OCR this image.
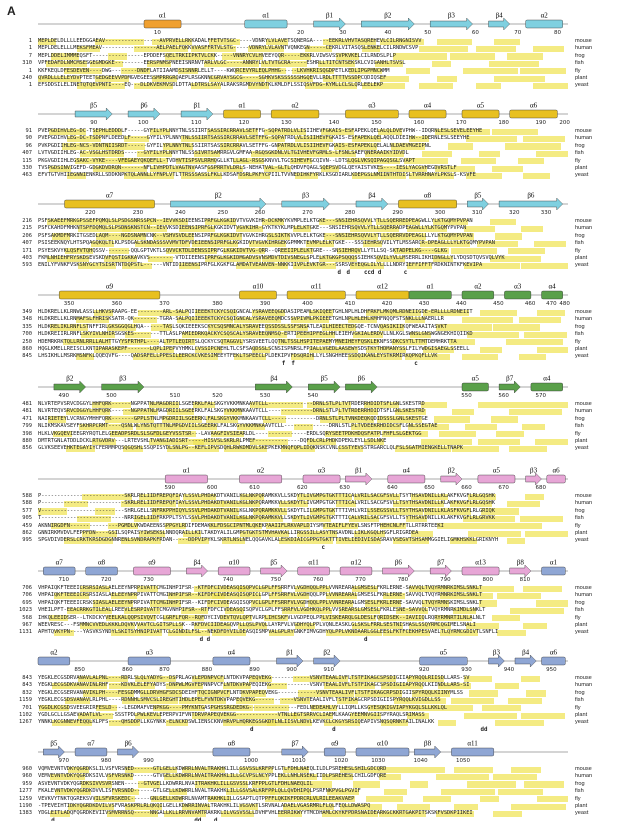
A	α1	α1	β1	β2	β3	β4	α2
10	20	30	40	50	60	70	80
1 MEPLDELDLLLLEEDGGAEAV-----------------AVPRVELLRKKADALFFETVTSGC-----VDNRYLVLAVETSQNERGA-----EEKRLVHVTASQREHEVLCILRNGNISVV	mouse
1 MEPLDELELLLMEKSFMEAV-----------------AELPAELFQKKVVASFFRTVLSTG-----VDNRYLVLAVNTVQNKEGN-----CEKRLVITASQSLENKELCILRNDWCSVP	human
7 MEPLDDELIMMMEQSFT----------------EPDDEFSQELTRKIIPKTVLCKK-----VNNRYCVLHVEEYQQR-----EKKRLVIWSVSSVPKVKELCILRNDSLPLP	frog
310 VPFEDAFDLNMCMSESGEGMDGKE---------EERSPNMSPNEEISNRNVTARLVLGC-----ANNRYLVLTVTGCRA-----ESHRLLTITCNTSEKSKLCVIGANHLTSVSL	fish
1 KKFKEQLDFESDEVEN----DWG--------DNDFLATIIAAMDSISNNRLELLT----KWQRCEVYRLEQLPHHG-----LKVHKRISQGDPETLKEDLIPGPMNCWMM	fly
240 QVRDLLLELEYDVPTEETGEDGEEVVPDMGVEGEESSMPRRGRQAEPLRSGKNNCGRVAYSGCG-----SGHKVSKSSSSSSHGQEVLLRDLTTTTVSSDPCQDIQSEF	plant
1 EFSDDSILELINETQTQEVPNTI----EQ---DLDKVEKMVSDLDTTALDTRSLSAYALRAKSRGMDVYNDTKLKMLDFLSSIQSVFDG-KYMLLCLSLQRLEELEKP	yeast
β5	β6	β1	α1	α2	α3	α4	α5	α6
90	100	110	120	130	140	150	160	170	180	190 200
91 PVEPGDIHVLEG-DC-TSEPHLEDDDLF-----GYFILYPLNNYTNLSSIIRTSASSIRCRRAVLSETFFG-SQPATRDLVLISIIHEVFGKAIS-ESFAPEKLQELALQLDVEVPHW--IDQRNLESLSEVELEEYHE	mouse
90 PVEPGDIHVLEG-DC-TSDPNFLDEEDLF-----GYFILYPLNNYTNLSSIIRTSASSIRCRRAVLSETFFG-SQPATRDLVLISIIHEVFGKAIS-ESFAPEKLQELAQQLDIEIHW--IDERNLESLSEEYHE	human
96 PVKPGDIIHLEG-NCS-VDNTNIISRDT------GYFILYPLNNYTNLSSIIRTSASSIRCRRAVLSETFFG-GNPATRDLVLISIIHEVFGKAIS-ESFAPEKLQELALNLDAEVMGEIPNL	frog
407 LVTVGDIIHLEG-AC-VSGLHSTDRDS------GYFILYPLNNYTNLSSSIVRTSAMRRGVLGMFAA-RGQSGKDNLVLTGIVHEVFGRMLS-LFSNLSAEFQNERAAIKYIDVDL	fish
115 PKGVGDIIHLEGSAKC-VYKE----VFEGAEYQKQEFLL-TVDHVTISPSVLRRHQGLLKTLLAGL-RSGSKNVVLTGCSIHEVFGCQIVN--LDTSLQGLVKSQIPAGQSGLSVAPT	fly
330 TVSPGDSINVIGEFD-GDGKDVDRQN-------NFLIVHPDTLVAGTNVAASFGSPRRTVLDRLS-NEHATVAL-GLTLQHDVFQAGLSQEPSVDGLQEYAISTVKES----IESLYACGVHEGDVRSTLF	plant
463 EFVTGTVHIIEGNNIENKRLLSDDKNPKTQLANNLLYFNPLVTLTTRSSSASSLFKLLKDSAFDSRLPKFYCPIILTVVNEDIHKFYRKLKSGDIARLKDEPGSLNMIINTHTDISLTVRRHNAYLPKSLS-KSVFE	yeast
α7	β2	β3	β4	α8	β5	β6
220	230	240	250	260	270	280	290	300	310	320	330
216 PSFSKAEEFMRKGPSSEFPQMQLSLPSDGSNRSSPCN--IEVVKSDIEENSIPRFGLKGKIDVTVGVKIHR-DCKMKYKVMPLELKTGKE---SNSIEHRSQVVLYTLLSQERREDPEAGWLLYLKTGQMYPVPAN	mouse
215 PSFCKAHDFMHKNTSPFDQMQLSLPSDNSKNSTCN--IEVVKSDIEENSIPRFGLKGKIDVTVGVKIHR-GYKTKYKLMPLELKTGKE---SNSIEHRSQVVLYTLLSQERRADPEAGWLLYLKTGQMYPVPAN	human
206 PSFSAKMDFMRKITGSEDLAQM----NGDSNAMNCNK--VSHVSVDLEENSIPRFGLKGKIDVTVGVKIHRGSLSIKTKVVPLELKTGKE---SNSIEHRSQVVLYTLLSQERRVDPEAGLLLYLKTGQMYPVPAN	frog
407 PSISEEKNQYLHTSPQAGQKQLTLKLPSDGALSKNDASSSVVMVTDFVDEIEENSIPRFGLKGKIDVTVGVKIHRGEKGPMMKTEVMPLELKTGKE---SSSIEHRSQVILYTLMSSARCR-DPEAGLLLYLKTGQMYPVPAN	fish
171 PSYESKVYKLQSFVTQHQSSV--------QQLGPTVKTLSQVVCKTDLDENSSIPRFGLKGKIDVTVG-QRR--QREEIIPLELKTGRE---SNSIEHRQVLLYTLLSQ-SKTADPELKG----GLKG	fly
403 FKMLNHIEHFRYSKDSEVSKDVFQSTIGKKAVKVS--------VTDIIEENSIPRFGLKGKIDMGADVSVNSMDVTDIVSNEGLSPLELKTGKGPSQQQSSIEHKSQVILYVLLMSERRLIKHIDNGLLYLYDQSDTQVSVQLVYK	plant
593 ENILYFVNKFVSKSNYGCYTSISRTNTDQPSTL------VNTIDIIEENSIPRFGLKGKFGLAMDATVEANVEN-NNKKIIVPLEVKTGR---SSRSVEYEQGLILYLLLLNDRYIEFFIFFTFRDKNINTKFKEVIPA	yeast
d d ccd d	c
α9	α10	α11	α12	α1	α2	α3	α4
350	360	370	380	390	400	410	420	430	440	450	460 470 480
349 HLDKRELLKLRNWLASSLLHKVSRAAPG-EE--------ARL-SALPQIIEEEKTCKYCSQIGNCALYSRAVEEQGDDASIPEAMLSKIQEETGHLNPLHLDHFRKFLMKQMLRDNEIIGDE-ERLLLLRDNEIIT	mouse
348 HLDKRELLKLRNMAFSLFHRISKSATR-QK--------TGRA-SALPQIIEEEKTCKYCSQIGNCALYSRAVEEQMDCSSVPIVMLPKIEEETGHLNPLHLEHLKMHFNQQFSTSNKLLLNAERLLR	human
335 HLDKRELIKLRNFLSTNFFIRLGKSGGQGLHQA------TASLSQKIEEEKSCKYCSQSMNCALYSRAVEEQSSDSSLSSFSNSATLEAILHIEECTEDGQE-TCNVQASIKIIKQFWEAAITASVKT	frog
700 HLDKREIIRLRNFLSKYIVLNHIRSGSKES--------TTLASLPAMIEDRKQACKYCSQSCALYSRAVEEQNMSQ-ERTIPEEHIPFEGLHHLEIEHVGKIALERDVLLNLKGLSWNSLGNSWGNGEKHIQIIKD	fish
250 HDEMRKRKTQLLRNLRRLLALHTTGYYSFRTHPL----ALTPTLEQIRTSLQCKYCSQTAGGVLYSRSVEETLQQTNLTSSLHSPITEPAEMYMNEIHEYFQSKLEKNFSSDKCSYTLTTMTDEMHRKTTA	fly
860 HQGLKMELLREISCLKNTIPARASKEPF-------LQPLIPEPVYHMKLCVSSIPCNEHLTLCSFSAQDSSLSCNSISPNRSLFPIALLVGEDLAASEWYSDSTKYTHDMANYSSLFILYWDGISAEGLSSEELL	plant
845 LHSIKHLLMSRKMSNFKLQQEQVFG----QADSRFELLPPESILEERCKCVKESIMEEYTFEKLTSPEECLPLDEKIPVFDSQRIHLLYLSNGHHEESSDQIKANLEYSTKRMIRKQPKQFLLVK	yeast
f f	c
β2	β3	β4	β5	β6	α5	β7	α4
490	500	510	520	530	540	550	560	570
481 NLVRTEPVSRVCDGGYLHHFQRK------NGPPATNLMAGDRIILSGEERKLFALSKGYVKKMNKAAVTCLL--------------DRNLSTLPLTVTRDERRHDIDTSFLGNLSKESTRD	mouse
481 NLVRTEQVSRVCDGGYLHHFQRK------NGPPATNLMAGDRIILSGEERKLFALSKGYVKKMNKAAVTCLL--------------DRNLSTLPLTVTRDERRHDIDTSFLGNLSKESTRD	human
471 NAIRIETEYLVCRNGYMHHFQRK-------GPPLSTNLMPGDRIILSGEERKLFALSKGYVKKMNKAAVTCLL--------------DRNLSTLPLTVNKDEQKQDIDSSSLGNLSKESTGE	frog
799 NLIKMSKAVSEYFSKHRPCRMT----QSNLWLYNSTQTTTNLMPGDVIILSGEERKLFALSKGYVKKMNKAAVTCLL--------------DRNLSTLPLTVDEEKRHDIDCSFLGNLSSEGTAE	fish
398 HLKLVKGQEVIEEGRYRQTLELGEEADPSRDLSLSGFDLGEYVSSTSR---LAVAAGFIVSIEARLDL----------------ERDLSQRYSEETPDKHDQSFATPLFHFLSLGEKTGG	fly
880 DMTRTGNLATDDLDCKLRTGVDRV---LRTEVSHLTVANGIADISRT-----HISVSLSKRLRLPMEF--------------DQFDLCRLPHDKDPEKLEYLLSDLNKE	plant
856 GLVKSEEVEHKTEGAYIYCFERMMPQSQGQSHLSSQPISYDLSNLPG--KEFLIPVSDQHLRWKDMDVLSKEPKEKMNQFQPLIDQKNSKCVNLCSSTYEVSSTRGARCLQLFSLSGATMIENGKELLTNAPK	yeast
α1	α2	α3	β1	α4	β2	α5	β3 α6
590	600	610	620	630	640	650	660	670	680
588 P--------------------------SKRLRELIIDFREPQFIAYLSSVLPHDAKDTVANILKGLNKPQRAMKKVLLSKDYTLIVGMPGTGKTTTICALVRILSACGFSVLLTSYTHSAVDNILLKLAKFKVGFLRLGQSHK	mouse
588 P--------------------------SKRLRELIIDFREPQFIAYLSSVLPHDAKDTVANILKGLNKPQRAMKKVLLSKDYTLIVGMPGTGKTTTICALVRILSACGFSVLLTSYTHSAVDNILLKLAKFKVGFLRLGQSHK	human
577 V--------------------------SHRLGELLSNFRKPPHIQYLSSVLPHDAKDTVANILKGLNKPQRAMKKVLLSKDYTLILGMPGTGKTTTIVHLVRILSSEGSSVLLTSYTHSAVDNILLKLASFKVGFLRLGRIQK	frog
905 T--------------------------NRRIGELIIDFRKPPLTSYLSSVLPHDAKDTVANILKGLNKPQRAMKKVLLSKDYTLIVGMPGTGKTTTICALVRILSACGFSVLLTSYTHSAVDNILLKLAKFKVGFLRLGRVKK	fish
459 AKNNIRGDFN---------------PGMDLVKWDAEENSSPPGYLRDIFDEMAKKLFDSGCIPNTMLQKEKPAAIIFLRKVAPLDIYSMVTEAIFLFYEVLSNSFTPHEHCNLFFTLLRTRRTEEKI	fly
862 GNNIRKMVDVLFEPPFDN----GSILSQPAISYIWSEKSLNNDQRAILLKILTAKDYALILGMPGTGKTSTMVHAVKALLIRGSSILLASYTNSAVDNLLIKLKGQLHSGFLRIGRDEA	plant
995 SPGVDIVDERSLCRKTKRSDGDGNNRENLSVNDRAPKFRDAN-----DDPVIPYKLSKRTLNSLNELQQGAVKLALESKDIAICGPPGTGKTTTIVELIEDIVISDASRAVVSEGVTSHSAMMGGIELIGMKHSKKLGRIKNYH	yeast
c
α7	α8	α9	β4	α10	β5	α11	α12	β6	β7	α13	β8	α1
710	720	730	740	750	760	770	780	790	800	810
706 VHPAIQKFTEEEICRSRSIASLAELEEYNPRPIVATTCMGINHPIFSR--KTFDFCIVDEASQISQPVCLGPLFFSRRFVLVGDHQQLPPLVVNREARALGMSESLFKRLERNE-SAVVQLTVQYRMNRKIMSLSNKLT	mouse
706 VHPAIQKFTEEEICRSRSIASLAELEEYNPRPIVATTCMGINHPIFSR--KIFDFCIVDEASQISQPICLGPLFFSRRFVLVGDHQQLPPLVVNREARALGMSESLFKRLERNE-SAVVQLTVQYRMNRKIMSLSNKLT	human
695 VHPAIQKFTEEEICRSKSIASLAELEEYNPRPIVATTCMGINHPIFSR--KIFDFCIVDEASQISQPVCLGPLFFSRRFVLVGDHQQLPPLVVNREARALGMSESLFKRLERNE-SAVVQLTVQYRMNSKIMSLSNKLT	frog
1023 VHEILPFT-EEACRRKGTILEALLREEVLESRPIVATTCMGVNHPIFSR--RTFDFCIVDEASQISQPVCLGPLFFSRRFVLVGDHKQLPPLVVSREARSLGMSESLFKRLESNE-SAVVQLTVQYRMNRKIMDLSNKLT	fish
568 IHKQLEEIDSER--LTKDCKYVEELKALQQPSIVQVTCGLGRFLFQR--RQFDYCIVDEVTQVLQPTVLRPLIHCSKFVLVGDPEQLPPLVISKEARQLGLDESLFQRIDSEK--IAVIIQLRQRYRMNRTILNLALNLT	fly
967 WEEVRESC---FSMMNCVVEDLKKKLDQVKVVAVTCLGITSPLLSK--RKFDVCIIDEAGQVPLLQSLPVQLLAYRFVLVGDHYQLPPLVQNLEASKLGLSKSLFRRLSESTNISHASLSSQYRMCQGIMELSNALI	plant
1131 APHTQVKYPN----YASVKSYNDYLSKITSYHNIPIVATTCLGINDILFSL--NEKDFDYVILDEASQISMPVALGPLRYGNKFIMVGDHYQLPPLVKNDAARLGGLEESLFKTFCEKHPESVAELTLQYRMCGDIVTLSNFLI	yeast
d d	d
α2	α3	α4	β1	β2	α5	β3	β4	α6
850	860	870	880	890	900	910	920	930	940	950
843 YEGKLECGSDRVANAVLALPNL----RDRLSLQLYADYG--DSPRLAGVLEPDNPVCFLNTDKVPAPEQVEKG------------VSNVTEAALIVFLTSTFIKAGCSPSDIGIIAPYRQQLRIISDLLARS-SV	mouse
843 YEGKLECGSDKVANAVINLRHF----KDVKLELEFYADYS-DNPWLMGVFEPNNPVCFLNTDKVPAPEQIEKG------------VSNVTEAALIVFLTSTFIKAGCSPSDIGIIAPYRQQLKIINDLLARS-SI	human
832 YEGKLECGSERVANAVIKLPH----FESGDMMGLLDRVHGFSDCSDEIHFTQCIGNPVCFLNTDKVPAPEQVEKG------------VSNVTEAALIVFLTSTFIKAGCRPSDIGIISPYRQQLKIINYMLSS	frog
1159 YEGKLECGSDSVANAVLRLPHL----RDNNHLSMVCSLIREGHTIHDLEPELFVNTDKVPAPEQVEKG------------VSNVTEAALIVFLTSTFIKAGCRPSDIGIISPYRQQLKVIGDLLSS	fish
701 YGGDLKCGSDSVEEGRIRFESLD----LEGDMAFVENPKGG----PMYKNTGASPGHSSRGDEDKG---------------FEDLNEDEAHLVYLLIQMLLKSGYESQKIGVIAPYKGQLSLLKKLQL	fly
1102 YGDLGCLLGSAEVADATLVL----SSSTPDLPWLKEVLEPERPVIFVNTDRVPAPEQVEKGG-------------VTNLLEGTSRRVCLIAEMLKAAGYEEMNVGIISPYRAQLSRIMASS	plant
1267 YNNKLKCGNNEVFEQQLKLPFS----QHSDDPLLKGYNKK-ELNCKDSWLIENSCKNVHRVPLHQRKEGSGKDTLNLIISVLNDVLKEVKCLCKGYSRSIQEAPIVSNQSQRNKTAILINALKK	yeast
d	d	dd
β5	α7	β6	α8	β7	α9	α10	β8	α11
970	980	990	1000	1010	1020	1030	1040	1050
960 VQMVEVNTVDKYQGRDKSLILVSFVRSNED------GTLGELLKDWRRLNVALTRAKHKLILLGSVSSLKRFPPLGTLFDHLNAEQLILDLPSREHESLSHILGDCQRD	mouse
960 VEMVEVNTVDKYQGRDKSIVLVSFVRSNKD------GTVGELLKDWRRLNVAITRAKHKLILLGCVPSLNCYPPLEKLLNHLNSEKLIIDLPSREHESLCHILGDFQRE	human
959 ASVEVNTVDKYQGRDKSIVVSVRSNEN------GTVGELLKDWRRLNVAITRAKHKLILLGSVSSLKRFPPLGTLFDHLNAEQLIL	frog
1277 FKALEVNTVDKYQGRDKDVVLISFVRSNDD------GTLGELLKDWRRLNVALTRAKHKLILLGSVSALKRFPPLQLLQVDHIPQLPSRFNKPVGLPGVIF	fish
1259 VEVKVYTNKTQGREKSVVILSFVRSKEDC------GNLGELLKDWRRLNVAMTRAKHKLILLGSAPTLQTPPFFLQKIKFPDRCRLVLRILEEAKVAEP	fly
1190 -TPEVEIHTIDKYQGRDKDVILVSFVRASKPRLRLQKQILGELLKDWRRINVALTRAKHKLILVGSVKTLSRVNALADAELVGASRMRLFLQLFEQLLDWASPQ	plant
1383 YDGLEITLADQFQGRDKEVIIVSMVRRNSQ-----NNGALLKLLRRVNVAMTRAKRKLILVGSVSSLLDVHFVHLEERRIKWYYTMCDHAMLCKYKFPDRSNAIDEARKGCKKRTGAKPITSKSKFVSDKPIIKEI	yeast
d	dd d
